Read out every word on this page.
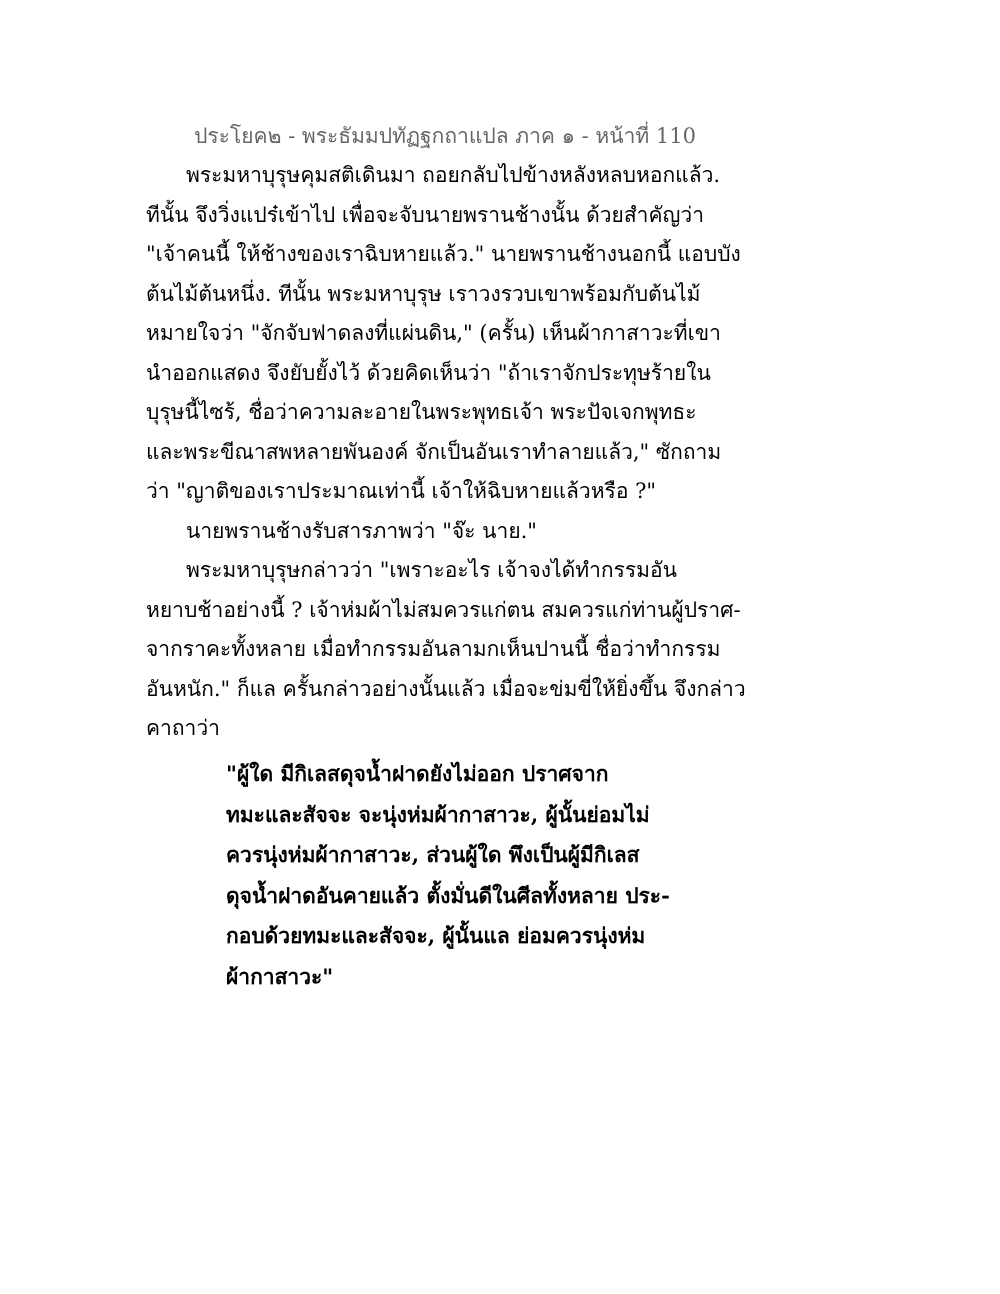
ประโยค๒ - พระธัมมปทัฏฐกถาแปล ภาค ๑ - หน้าที่ 110
พระมหาบุรุษคุมสติเดินมา ถอยกลับไปข้างหลังหลบหอกแล้ว.
ทีนั้น จึงวิ่งแปร๋เข้าไป เพื่อจะจับนายพรานช้างนั้น ด้วยสำคัญว่า
"เจ้าคนนี้ ให้ช้างของเราฉิบหายแล้ว." นายพรานช้างนอกนี้ แอบบัง
ต้นไม้ต้นหนึ่ง. ทีนั้น พระมหาบุรุษ เราวงรวบเขาพร้อมกับต้นไม้
หมายใจว่า "จักจับฟาดลงที่แผ่นดิน," (ครั้น) เห็นผ้ากาสาวะที่เขา
นำออกแสดง จึงยับยั้งไว้ ด้วยคิดเห็นว่า "ถ้าเราจักประทุษร้ายใน
บุรุษนี้ไซร้, ชื่อว่าความละอายในพระพุทธเจ้า พระปัจเจกพุทธะ
และพระขีณาสพหลายพันองค์ จักเป็นอันเราทำลายแล้ว," ซักถาม
ว่า "ญาติของเราประมาณเท่านี้ เจ้าให้ฉิบหายแล้วหรือ ?"
นายพรานช้างรับสารภาพว่า "จ๊ะ นาย."
พระมหาบุรุษกล่าวว่า "เพราะอะไร เจ้าจงได้ทำกรรมอัน
หยาบช้าอย่างนี้ ? เจ้าห่มผ้าไม่สมควรแก่ตน สมควรแก่ท่านผู้ปราศ-
จากราคะทั้งหลาย เมื่อทำกรรมอันลามกเห็นปานนี้ ชื่อว่าทำกรรม
อันหนัก." ก็แล ครั้นกล่าวอย่างนั้นแล้ว เมื่อจะข่มขี่ให้ยิ่งขึ้น จึงกล่าว
คาถาว่า
"ผู้ใด มีกิเลสดุจน้ำฝาดยังไม่ออก ปราศจาก
ทมะและสัจจะ จะนุ่งห่มผ้ากาสาวะ, ผู้นั้นย่อมไม่
ควรนุ่งห่มผ้ากาสาวะ, ส่วนผู้ใด พึงเป็นผู้มีกิเลส
ดุจน้ำฝาดอันคายแล้ว ตั้งมั่นดีในศีลทั้งหลาย ประ-
กอบด้วยทมะและสัจจะ, ผู้นั้นแล ย่อมควรนุ่งห่ม
ผ้ากาสาวะ"
